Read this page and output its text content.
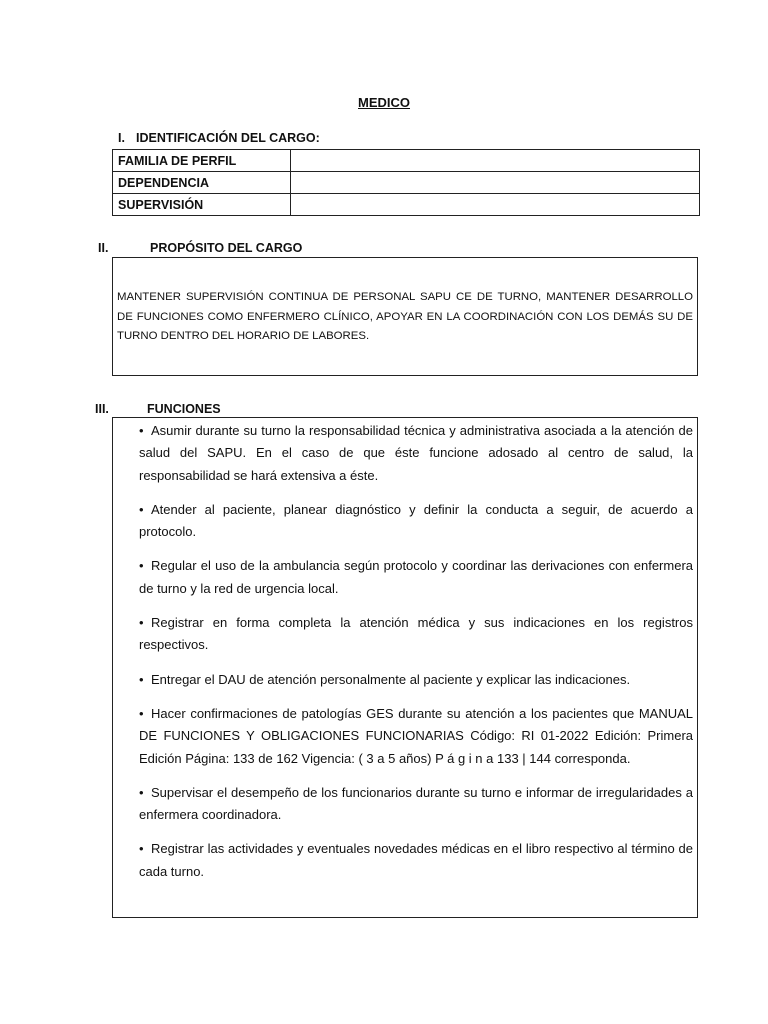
MEDICO
I. IDENTIFICACIÓN DEL CARGO:
FAMILIA DE PERFIL	
DEPENDENCIA	
SUPERVISIÓN	
II.	PROPÓSITO DEL CARGO
MANTENER SUPERVISIÓN CONTINUA DE PERSONAL SAPU CE DE TURNO, MANTENER DESARROLLO DE FUNCIONES COMO ENFERMERO CLÍNICO, APOYAR EN LA COORDINACIÓN CON LOS DEMÁS SU DE TURNO DENTRO DEL HORARIO DE LABORES.
III.	FUNCIONES

• Asumir durante su turno la responsabilidad técnica y administrativa asociada a la atención de salud del SAPU. En el caso de que éste funcione adosado al centro de salud, la responsabilidad se hará extensiva a éste.

• Atender al paciente, planear diagnóstico y definir la conducta a seguir, de acuerdo a protocolo.

• Regular el uso de la ambulancia según protocolo y coordinar las derivaciones con enfermera de turno y la red de urgencia local.

• Registrar en forma completa la atención médica y sus indicaciones en los registros respectivos.

• Entregar el DAU de atención personalmente al paciente y explicar las indicaciones.

• Hacer confirmaciones de patologías GES durante su atención a los pacientes que MANUAL DE FUNCIONES Y OBLIGACIONES FUNCIONARIAS Código: RI 01-2022 Edición: Primera Edición Página: 133 de 162 Vigencia: ( 3 a 5 años) P á g i n a 133 | 144 corresponda.

• Supervisar el desempeño de los funcionarios durante su turno e informar de irregularidades a enfermera coordinadora.

• Registrar las actividades y eventuales novedades médicas en el libro respectivo al término de cada turno.
